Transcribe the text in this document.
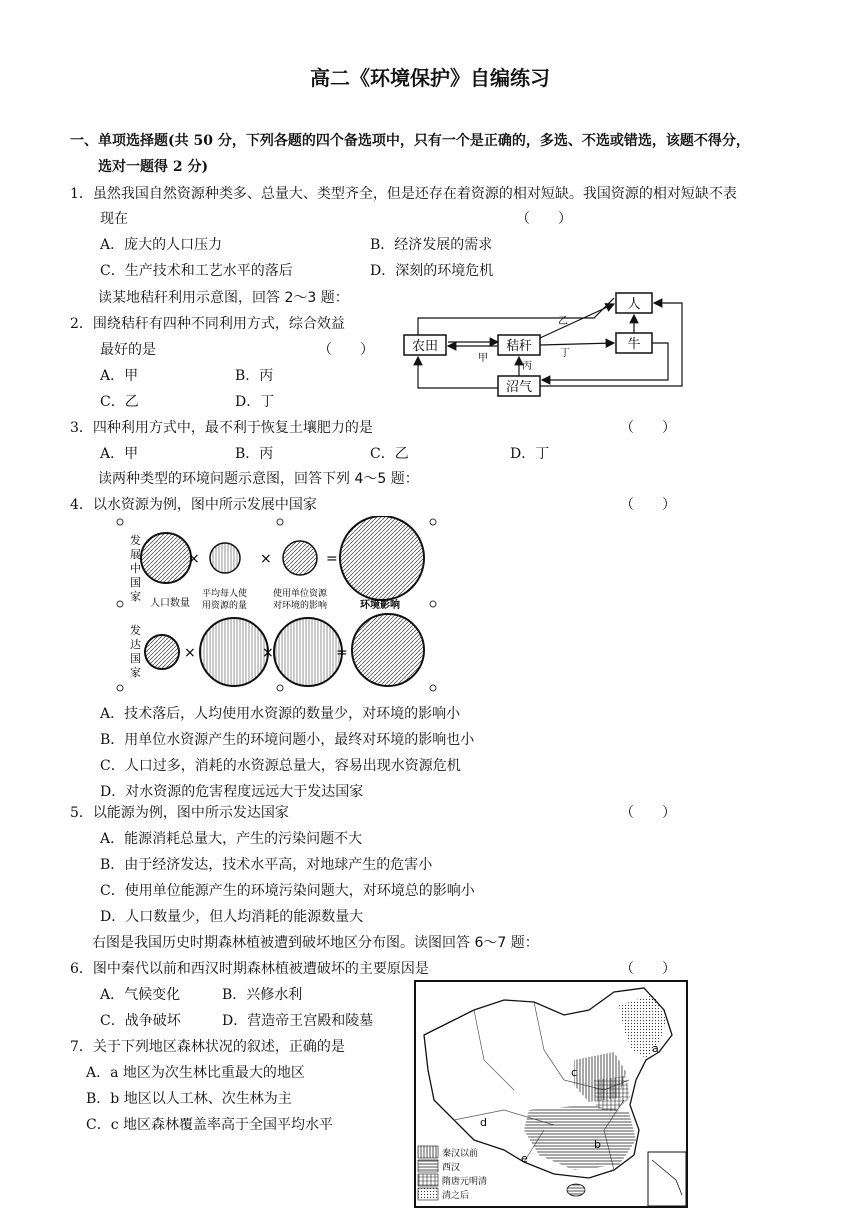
高二《环境保护》自编练习
一、单项选择题(共 50 分，下列各题的四个备选项中，只有一个是正确的，多选、不选或错选，该题不得分，
选对一题得 2 分)
1．虽然我国自然资源种类多、总量大、类型齐全，但是还存在着资源的相对短缺。我国资源的相对短缺不表
现在	（　　）
A．庞大的人口压力	B．经济发展的需求
C．生产技术和工艺水平的落后	D．深刻的环境危机
读某地秸秆利用示意图，回答 2～3 题：
2．围绕秸秆有四种不同利用方式，综合效益
最好的是	（　　）
A．甲	B．丙
C．乙	D．丁
农田	秸秆
人
牛
沼气
甲
乙
丁
丙
3．四种利用方式中，最不利于恢复土壤肥力的是	（　　）
A．甲	B．丙	C．乙	D．丁
读两种类型的环境问题示意图，回答下列 4～5 题：
4．以水资源为例，图中所示发展中国家	（　　）
发
展
中
国
家
发
达
国
家
×	×	=
人口数量
平均每人使
用资源的量
使用单位资源
对环境的影响	环境影响
×	×	=
A．技术落后，人均使用水资源的数量少，对环境的影响小
B．用单位水资源产生的环境问题小，最终对环境的影响也小
C．人口过多，消耗的水资源总量大，容易出现水资源危机
D．对水资源的危害程度远远大于发达国家
5．以能源为例，图中所示发达国家	（　　）
A．能源消耗总量大，产生的污染问题不大
B．由于经济发达，技术水平高，对地球产生的危害小
C．使用单位能源产生的环境污染问题大，对环境总的影响小
D．人口数量少，但人均消耗的能源数量大
右图是我国历史时期森林植被遭到破坏地区分布图。读图回答 6～7 题：
6．图中秦代以前和西汉时期森林植被遭破坏的主要原因是	（　　）
A．气候变化	B．兴修水利
C．战争破坏	D．营造帝王宫殿和陵墓
7．关于下列地区森林状况的叙述，正确的是
A．a 地区为次生林比重最大的地区
B．b 地区以人工林、次生林为主
C．c 地区森林覆盖率高于全国平均水平
a
b
c
d
e
秦汉以前
西汉
隋唐元明清
清之后
